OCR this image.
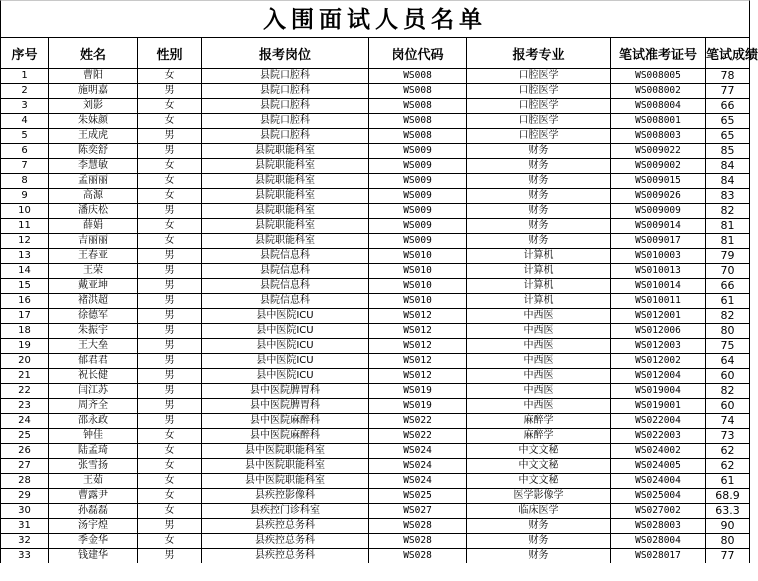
入围面试人员名单
序号	姓名	性别	报考岗位	岗位代码	报考专业	笔试准考证号	笔试成绩
1	曹阳	女	县院口腔科	WS008	口腔医学	WS008005	78
2	施明嘉	男	县院口腔科	WS008	口腔医学	WS008002	77
3	刘影	女	县院口腔科	WS008	口腔医学	WS008004	66
4	朱妹颜	女	县院口腔科	WS008	口腔医学	WS008001	65
5	王成虎	男	县院口腔科	WS008	口腔医学	WS008003	65
6	陈奕舒	男	县院职能科室	WS009	财务	WS009022	85
7	李慧敏	女	县院职能科室	WS009	财务	WS009002	84
8	孟丽丽	女	县院职能科室	WS009	财务	WS009015	84
9	高源	女	县院职能科室	WS009	财务	WS009026	83
10	潘庆松	男	县院职能科室	WS009	财务	WS009009	82
11	薛娟	女	县院职能科室	WS009	财务	WS009014	81
12	吉丽丽	女	县院职能科室	WS009	财务	WS009017	81
13	王春亚	男	县院信息科	WS010	计算机	WS010003	79
14	王荣	男	县院信息科	WS010	计算机	WS010013	70
15	戴亚坤	男	县院信息科	WS010	计算机	WS010014	66
16	褚洪超	男	县院信息科	WS010	计算机	WS010011	61
17	徐德军	男	县中医院ICU	WS012	中西医	WS012001	82
18	朱振宇	男	县中医院ICU	WS012	中西医	WS012006	80
19	王大垒	男	县中医院ICU	WS012	中西医	WS012003	75
20	郁君君	男	县中医院ICU	WS012	中西医	WS012002	64
21	祝长健	男	县中医院ICU	WS012	中西医	WS012004	60
22	闫江苏	男	县中医院脾胃科	WS019	中西医	WS019004	82
23	周齐全	男	县中医院脾胃科	WS019	中西医	WS019001	60
24	邵永政	男	县中医院麻醉科	WS022	麻醉学	WS022004	74
25	钟佳	女	县中医院麻醉科	WS022	麻醉学	WS022003	73
26	陆孟琦	女	县中医院职能科室	WS024	中文文秘	WS024002	62
27	张雪扬	女	县中医院职能科室	WS024	中文文秘	WS024005	62
28	王茹	女	县中医院职能科室	WS024	中文文秘	WS024004	61
29	曹露尹	女	县疾控影像科	WS025	医学影像学	WS025004	68.9
30	孙磊磊	女	县疾控门诊科室	WS027	临床医学	WS027002	63.3
31	汤宇煌	男	县疾控总务科	WS028	财务	WS028003	90
32	季金华	女	县疾控总务科	WS028	财务	WS028004	80
33	钱建华	男	县疾控总务科	WS028	财务	WS028017	77
